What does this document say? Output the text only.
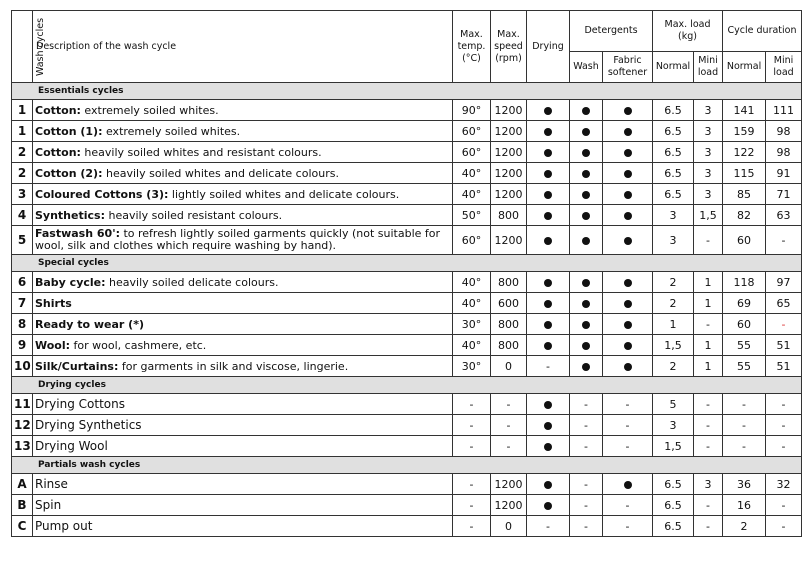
Wash cycles	Description of the wash cycle	Max. temp. (°C)	Max. speed (rpm)	Drying	Detergents		Max. load (kg)		Cycle duration	
					Wash	Fabric softener	Normal	Mini load	Normal	Mini load
Essentials cycles										
1	Cotton: extremely soiled whites.	90°	1200				6.5	3	141	111
1	Cotton (1): extremely soiled whites.	60°	1200				6.5	3	159	98
2	Cotton: heavily soiled whites and resistant colours.	60°	1200				6.5	3	122	98
2	Cotton (2): heavily soiled whites and delicate colours.	40°	1200				6.5	3	115	91
3	Coloured Cottons (3): lightly soiled whites and delicate colours.	40°	1200				6.5	3	85	71
4	Synthetics: heavily soiled resistant colours.	50°	800				3	1,5	82	63
5	Fastwash 60': to refresh lightly soiled garments quickly (not suitable for wool, silk and clothes which require washing by hand).	60°	1200				3	-	60	-
Special cycles										
6	Baby cycle: heavily soiled delicate colours.	40°	800				2	1	118	97
7	Shirts	40°	600				2	1	69	65
8	Ready to wear (*)	30°	800				1	-	60	-
9	Wool: for wool, cashmere, etc.	40°	800				1,5	1	55	51
10	Silk/Curtains: for garments in silk and viscose, lingerie.	30°	0	-			2	1	55	51
Drying cycles										
11	Drying Cottons	-	-		-	-	5	-	-	-
12	Drying Synthetics	-	-		-	-	3	-	-	-
13	Drying Wool	-	-		-	-	1,5	-	-	-
Partials wash cycles										
A	Rinse	-	1200		-		6.5	3	36	32
B	Spin	-	1200		-	-	6.5	-	16	-
C	Pump out	-	0	-	-	-	6.5	-	2	-
